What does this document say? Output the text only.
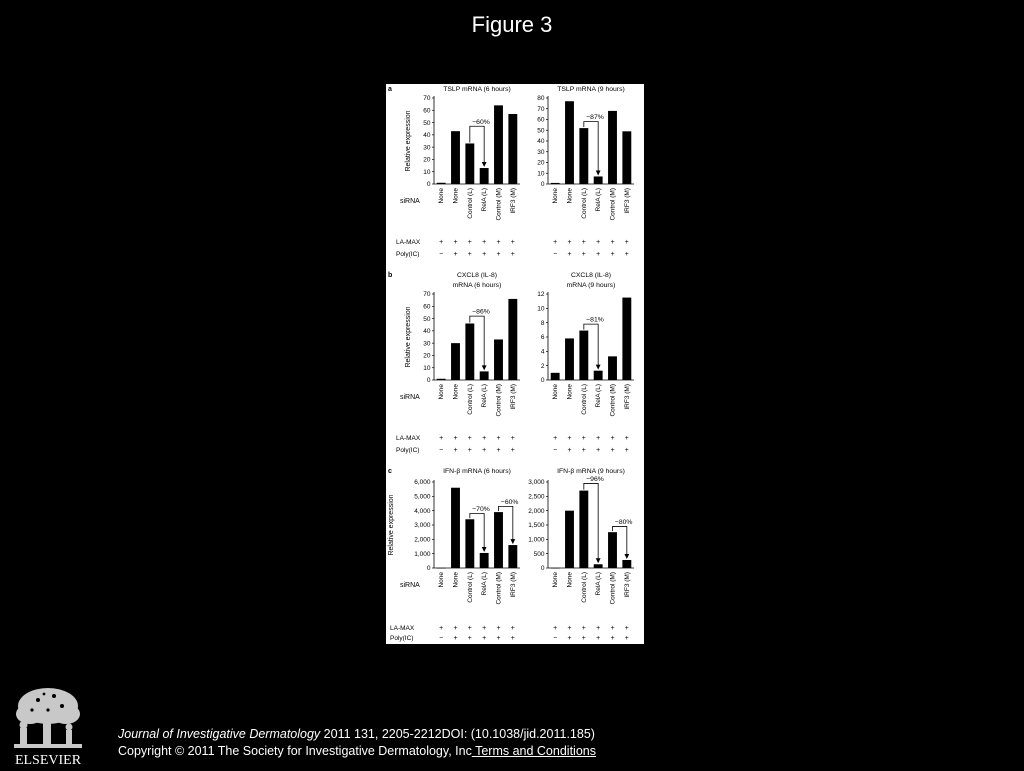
Figure 3
a
siRNA
LA-MAX
Poly(IC)
Relative expression
b
siRNA
LA-MAX
Poly(IC)
Relative expression
c
siRNA
LA-MAX
Poly(IC)
Relative expression
TSLP mRNA (6 hours)
0
10
20
30
40
50
60
70
None
+
−
None
+
+
Control (L)
+
+
RelA (L)
+
+
Control (M)
+
+
IRF3 (M)
+
+
−60%
TSLP mRNA (9 hours)
0
10
20
30
40
50
60
70
80
None
+
−
None
+
+
Control (L)
+
+
RelA (L)
+
+
Control (M)
+
+
IRF3 (M)
+
+
−87%
CXCL8 (IL-8)
mRNA (6 hours)
0
10
20
30
40
50
60
70
None
+
−
None
+
+
Control (L)
+
+
RelA (L)
+
+
Control (M)
+
+
IRF3 (M)
+
+
−86%
CXCL8 (IL-8)
mRNA (9 hours)
0
2
4
6
8
10
12
None
+
−
None
+
+
Control (L)
+
+
RelA (L)
+
+
Control (M)
+
+
IRF3 (M)
+
+
−81%
IFN-β mRNA (6 hours)
0
1,000
2,000
3,000
4,000
5,000
6,000
None
+
−
None
+
+
Control (L)
+
+
RelA (L)
+
+
Control (M)
+
+
IRF3 (M)
+
+
−70%
−60%
IFN-β mRNA (9 hours)
0
500
1,000
1,500
2,000
2,500
3,000
None
+
−
None
+
+
Control (L)
+
+
RelA (L)
+
+
Control (M)
+
+
IRF3 (M)
+
+
−96%
−80%
ELSEVIER
Journal of Investigative Dermatology 2011 131, 2205-2212DOI: (10.1038/jid.2011.185)
Copyright © 2011 The Society for Investigative Dermatology, Inc Terms and Conditions
